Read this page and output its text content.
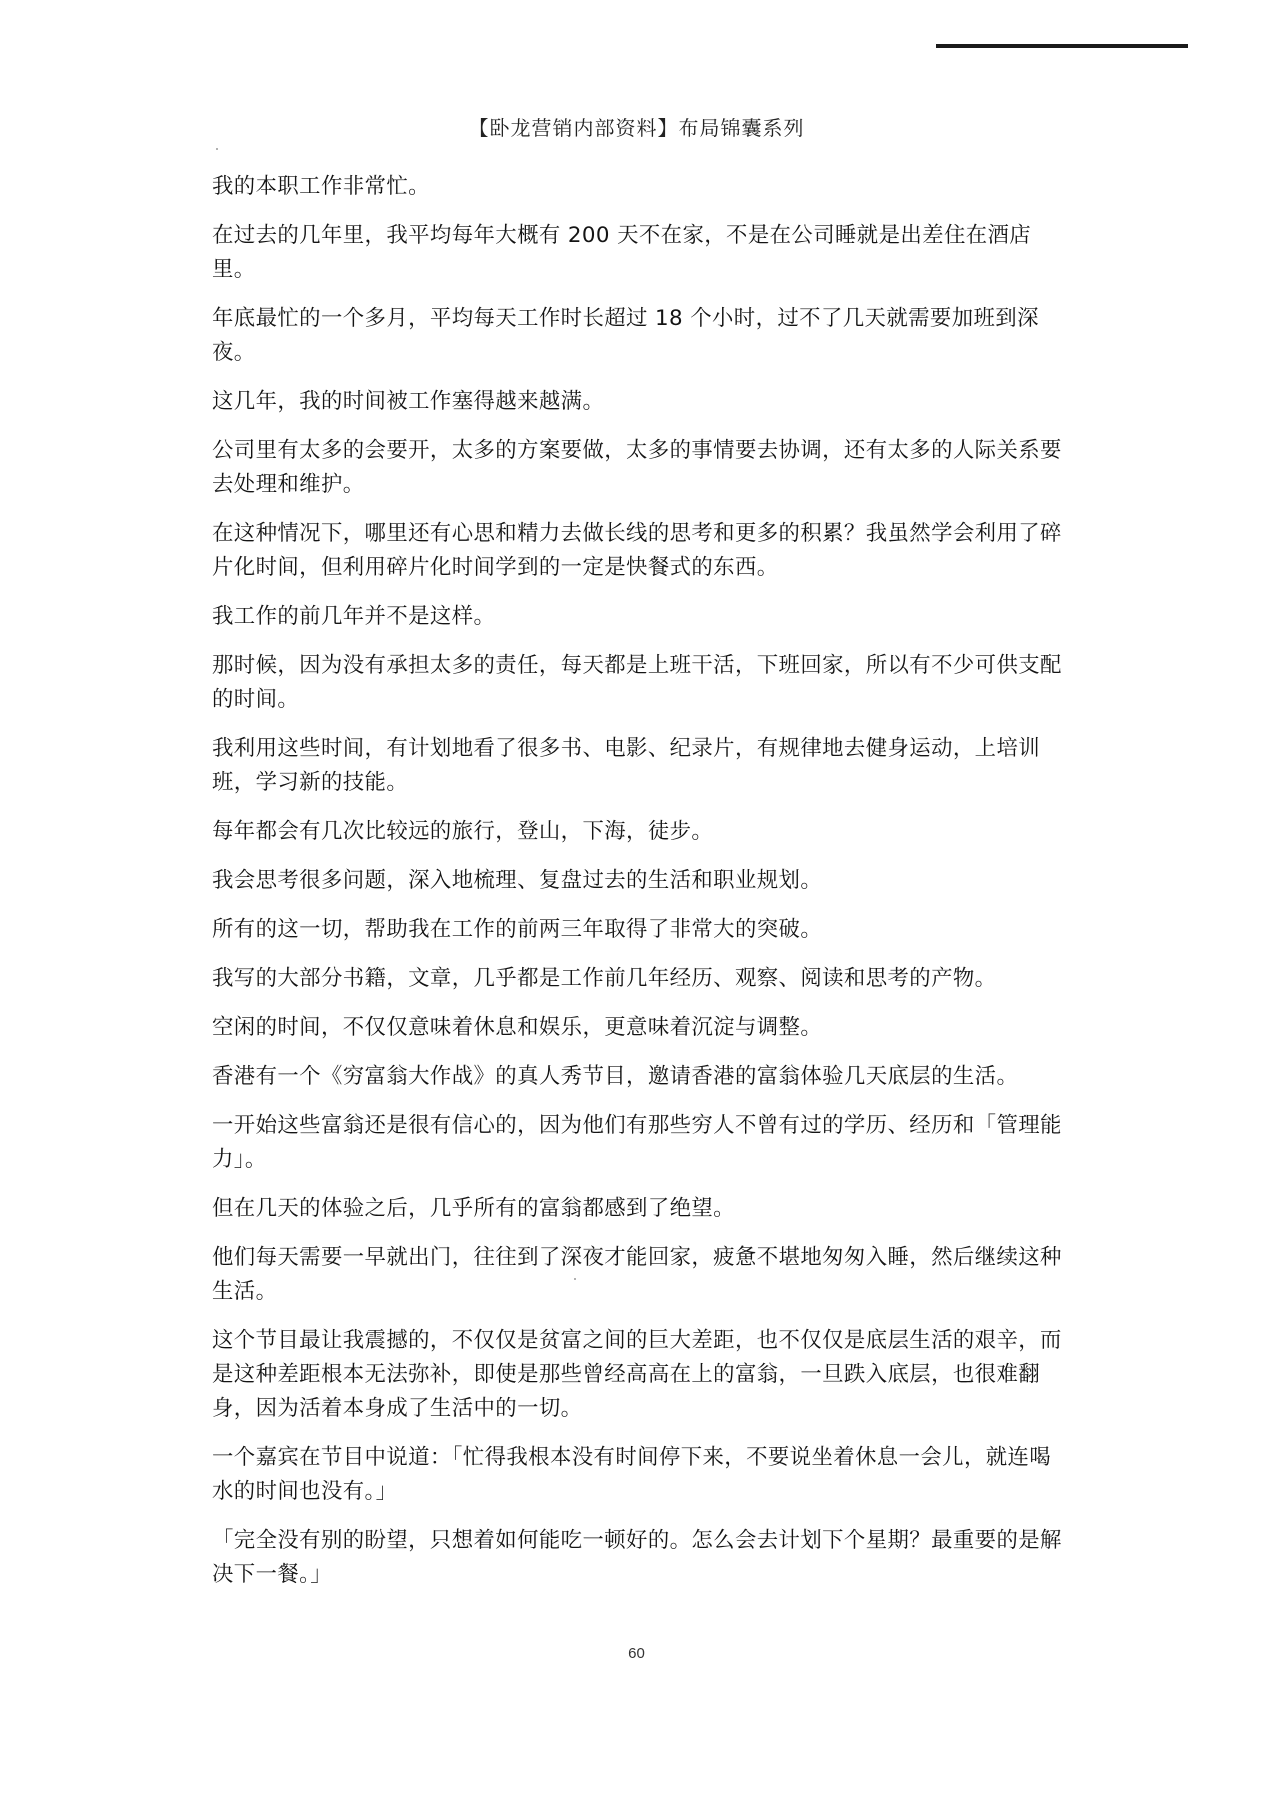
【卧龙营销内部资料】布局锦囊系列

我的本职工作非常忙。

在过去的几年里，我平均每年大概有 200 天不在家，不是在公司睡就是出差住在酒店里。

年底最忙的一个多月，平均每天工作时长超过 18 个小时，过不了几天就需要加班到深夜。

这几年，我的时间被工作塞得越来越满。

公司里有太多的会要开，太多的方案要做，太多的事情要去协调，还有太多的人际关系要去处理和维护。

在这种情况下，哪里还有心思和精力去做长线的思考和更多的积累？我虽然学会利用了碎片化时间，但利用碎片化时间学到的一定是快餐式的东西。

我工作的前几年并不是这样。

那时候，因为没有承担太多的责任，每天都是上班干活，下班回家，所以有不少可供支配的时间。

我利用这些时间，有计划地看了很多书、电影、纪录片，有规律地去健身运动，上培训班，学习新的技能。

每年都会有几次比较远的旅行，登山，下海，徒步。

我会思考很多问题，深入地梳理、复盘过去的生活和职业规划。

所有的这一切，帮助我在工作的前两三年取得了非常大的突破。

我写的大部分书籍，文章，几乎都是工作前几年经历、观察、阅读和思考的产物。

空闲的时间，不仅仅意味着休息和娱乐，更意味着沉淀与调整。

香港有一个《穷富翁大作战》的真人秀节目，邀请香港的富翁体验几天底层的生活。

一开始这些富翁还是很有信心的，因为他们有那些穷人不曾有过的学历、经历和「管理能力」。

但在几天的体验之后，几乎所有的富翁都感到了绝望。

他们每天需要一早就出门，往往到了深夜才能回家，疲惫不堪地匆匆入睡，然后继续这种生活。

这个节目最让我震撼的，不仅仅是贫富之间的巨大差距，也不仅仅是底层生活的艰辛，而是这种差距根本无法弥补，即使是那些曾经高高在上的富翁，一旦跌入底层，也很难翻身，因为活着本身成了生活中的一切。

一个嘉宾在节目中说道：「忙得我根本没有时间停下来，不要说坐着休息一会儿，就连喝水的时间也没有。」

「完全没有别的盼望，只想着如何能吃一顿好的。怎么会去计划下个星期？最重要的是解决下一餐。」

60
